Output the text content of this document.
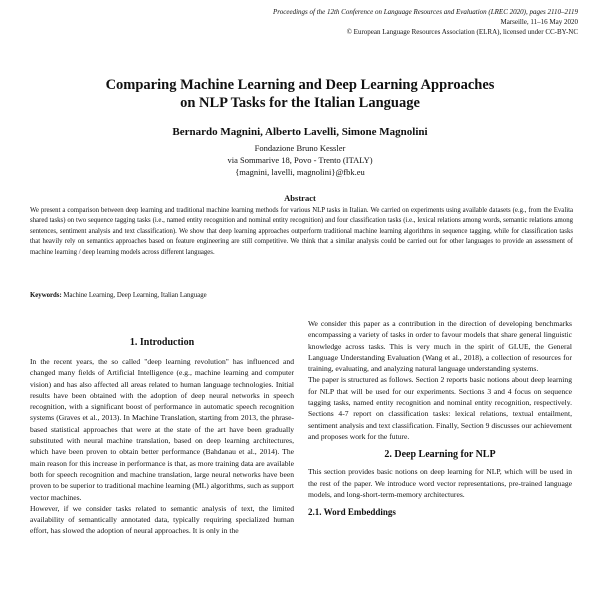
Proceedings of the 12th Conference on Language Resources and Evaluation (LREC 2020), pages 2110–2119
Marseille, 11–16 May 2020
© European Language Resources Association (ELRA), licensed under CC-BY-NC
Comparing Machine Learning and Deep Learning Approaches
on NLP Tasks for the Italian Language
Bernardo Magnini, Alberto Lavelli, Simone Magnolini
Fondazione Bruno Kessler
via Sommarive 18, Povo - Trento (ITALY)
{magnini, lavelli, magnolini}@fbk.eu
Abstract
We present a comparison between deep learning and traditional machine learning methods for various NLP tasks in Italian. We carried on experiments using available datasets (e.g., from the Evalita shared tasks) on two sequence tagging tasks (i.e., named entity recognition and nominal entity recognition) and four classification tasks (i.e., lexical relations among words, semantic relations among sentences, sentiment analysis and text classification). We show that deep learning approaches outperform traditional machine learning algorithms in sequence tagging, while for classification tasks that heavily rely on semantics approaches based on feature engineering are still competitive. We think that a similar analysis could be carried out for other languages to provide an assessment of machine learning / deep learning models across different languages.
Keywords: Machine Learning, Deep Learning, Italian Language
1. Introduction

In the recent years, the so called "deep learning revolution" has influenced and changed many fields of Artificial Intelligence (e.g., machine learning and computer vision) and has also affected all areas related to human language technologies. Initial results have been obtained with the adoption of deep neural networks in speech recognition, with a significant boost of performance in automatic speech recognition systems (Graves et al., 2013). In Machine Translation, starting from 2013, the phrase-based statistical approaches that were at the state of the art have been gradually substituted with neural machine translation, based on deep learning architectures, which have been proven to obtain better performance (Bahdanau et al., 2014). The main reason for this increase in performance is that, as more training data are available both for speech recognition and machine translation, large neural networks have been proven to be superior to traditional machine learning (ML) algorithms, such as support vector machines.

However, if we consider tasks related to semantic analysis of text, the limited availability of semantically annotated data, typically requiring specialized human effort, has slowed the adoption of neural approaches. It is only in the

We consider this paper as a contribution in the direction of developing benchmarks encompassing a variety of tasks in order to favour models that share general linguistic knowledge across tasks. This is very much in the spirit of GLUE, the General Language Understanding Evaluation (Wang et al., 2018), a collection of resources for training, evaluating, and analyzing natural language understanding systems.

The paper is structured as follows. Section 2 reports basic notions about deep learning for NLP that will be used for our experiments. Sections 3 and 4 focus on sequence tagging tasks, named entity recognition and nominal entity recognition, respectively. Sections 4-7 report on classification tasks: lexical relations, textual entailment, sentiment analysis and text classification. Finally, Section 9 discusses our achievement and proposes work for the future.

2. Deep Learning for NLP

This section provides basic notions on deep learning for NLP, which will be used in the rest of the paper. We introduce word vector representations, pre-trained language models, and long-short-term-memory architectures.

2.1. Word Embeddings
